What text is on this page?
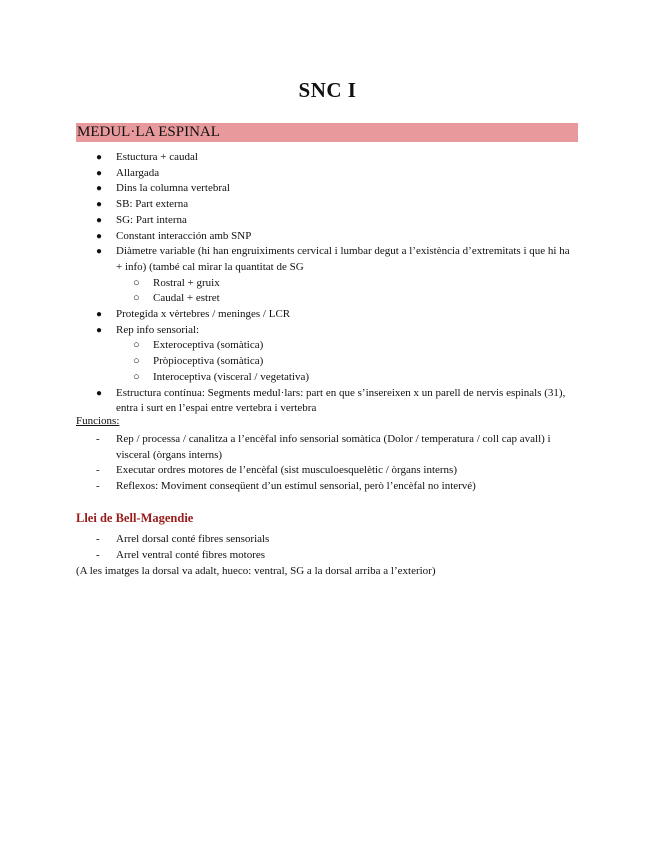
SNC I
MEDUL·LA ESPINAL
● Estuctura + caudal
● Allargada
● Dins la columna vertebral
● SB: Part externa
● SG: Part interna
● Constant interacción amb SNP
● Diàmetre variable (hi han engruiximents cervical i lumbar degut a l’existència d’extremitats i que hi ha + info) (també cal mirar la quantitat de SG
○ Rostral + gruix
○ Caudal + estret
● Protegida x vèrtebres / meninges / LCR
● Rep info sensorial:
○ Exteroceptiva (somàtica)
○ Pròpioceptiva (somàtica)
○ Interoceptiva (visceral / vegetativa)
● Estructura contínua: Segments medul·lars: part en que s’insereixen x un parell de nervis espinals (31), entra i surt en l’espai entre vertebra i vertebra
Funcions:
- Rep / processa / canalitza a l’encèfal info sensorial somàtica (Dolor / temperatura / coll cap avall) i visceral (òrgans interns)
- Executar ordres motores de l’encèfal (sist musculoesquelètic / òrgans interns)
- Reflexos: Moviment conseqüent d’un estímul sensorial, però l’encèfal no intervé)
Llei de Bell-Magendie
- Arrel dorsal conté fibres sensorials
- Arrel ventral conté fibres motores
(A les imatges la dorsal va adalt, hueco: ventral, SG a la dorsal arriba a l’exterior)
